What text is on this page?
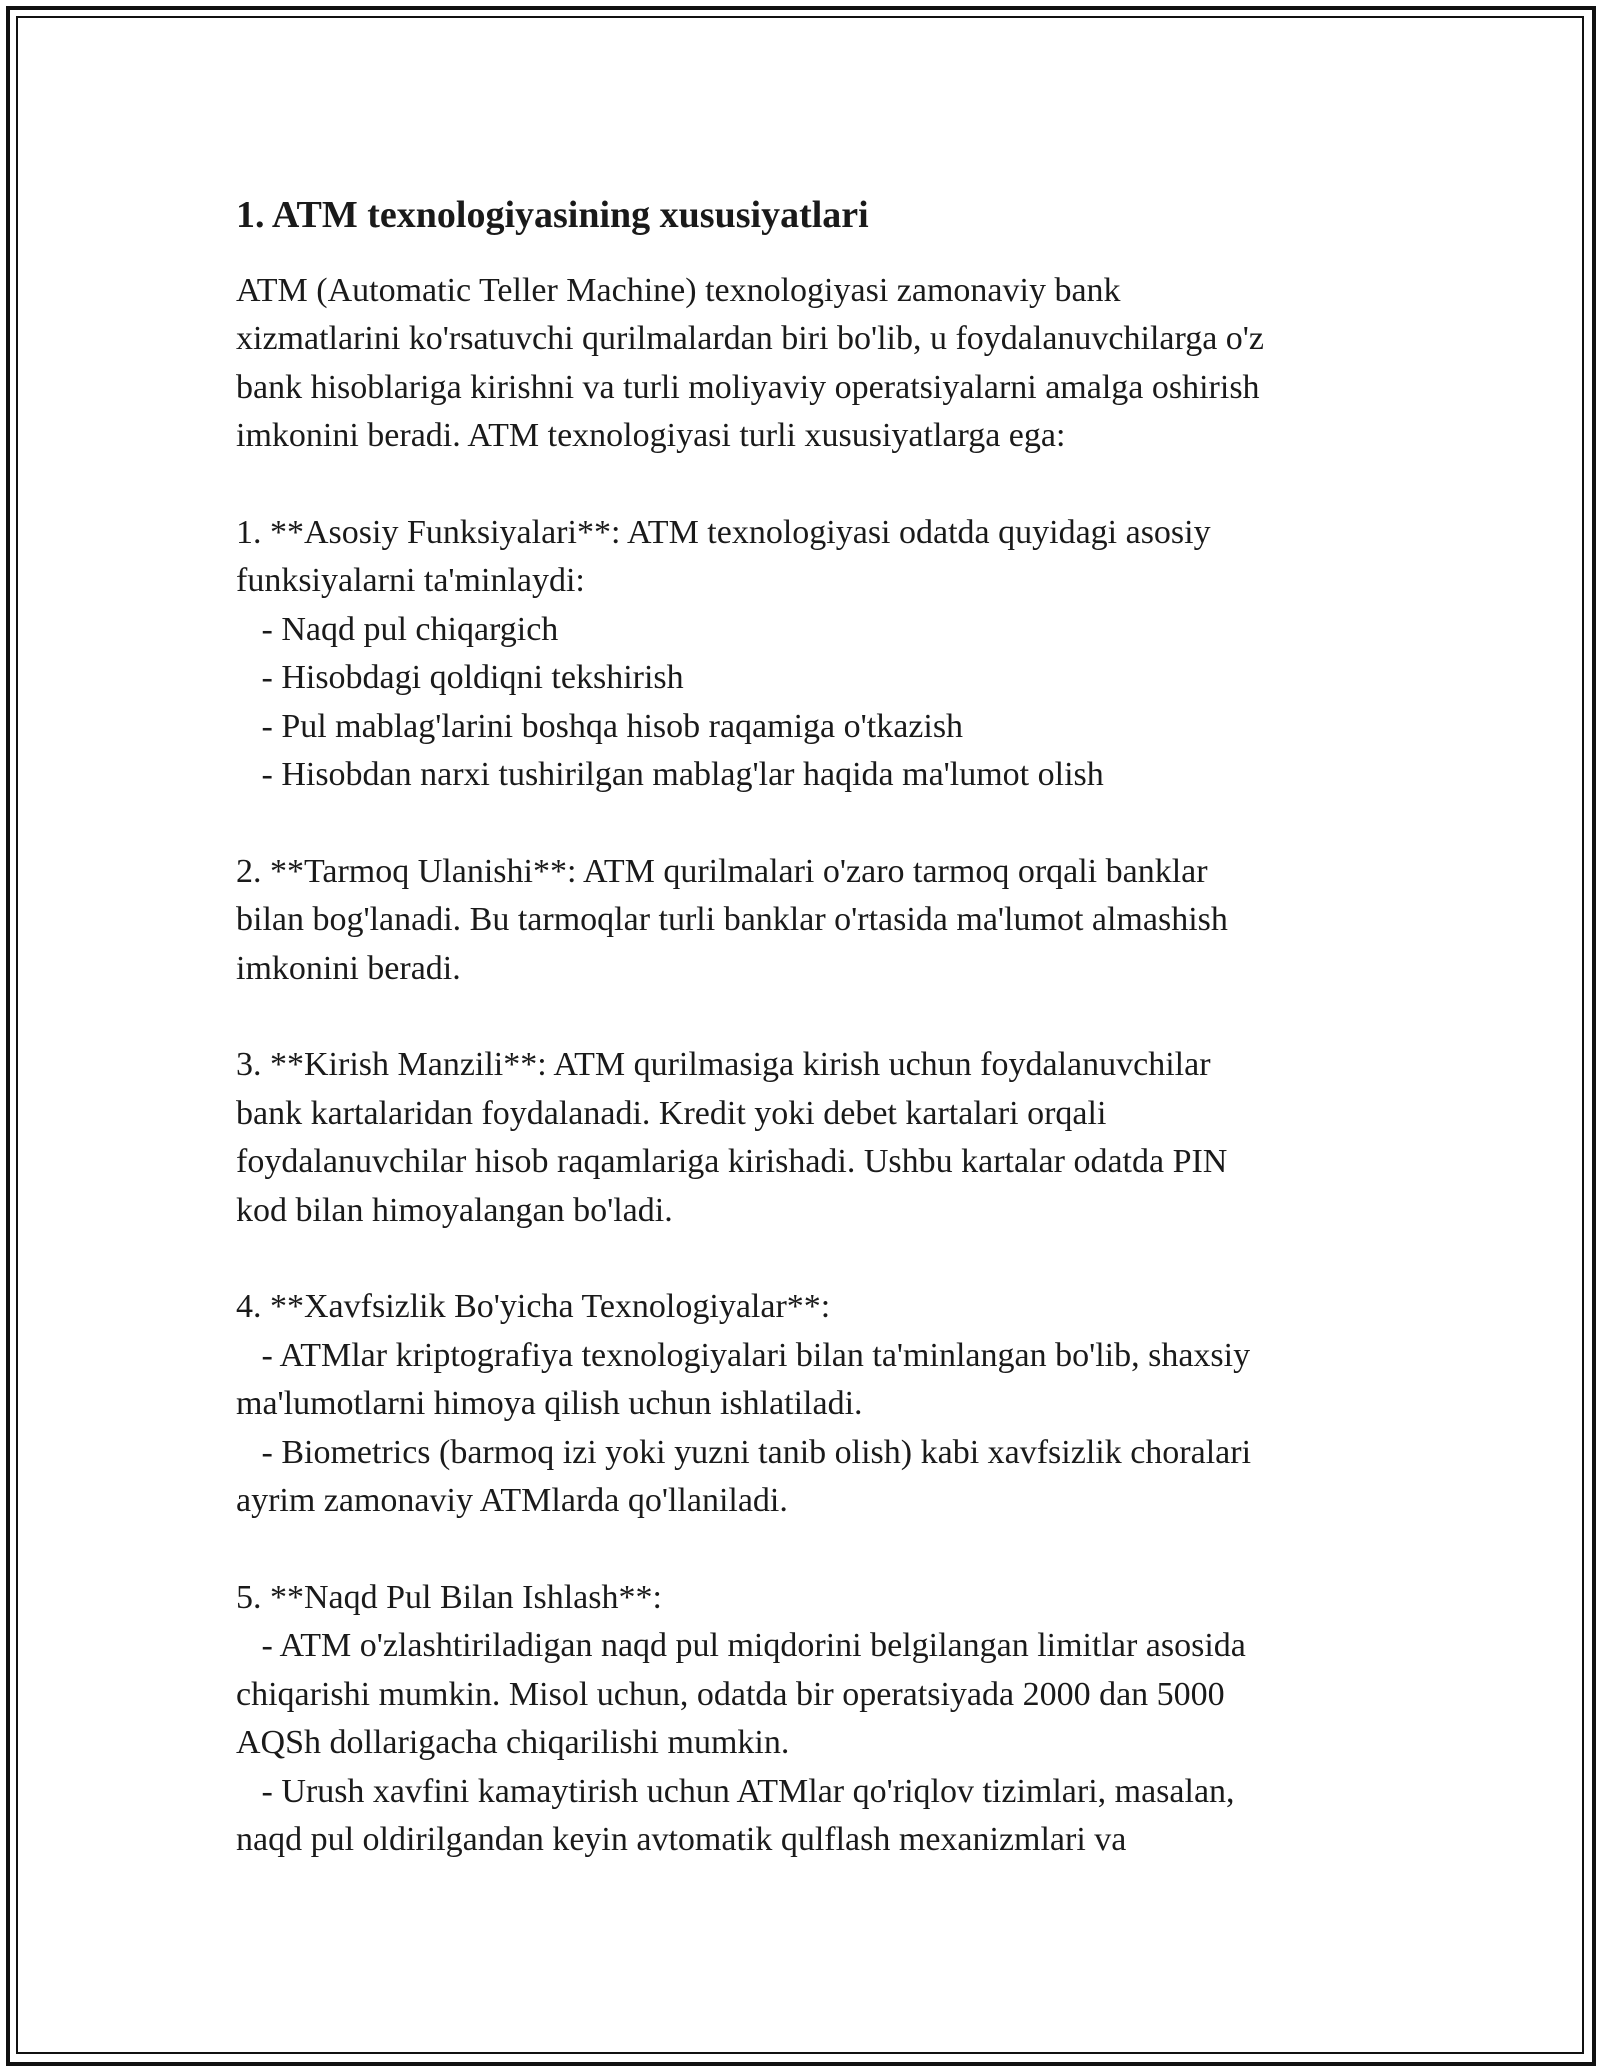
1. ATM texnologiyasining xususiyatlari
ATM (Automatic Teller Machine) texnologiyasi zamonaviy bank
xizmatlarini ko'rsatuvchi qurilmalardan biri bo'lib, u foydalanuvchilarga o'z
bank hisoblariga kirishni va turli moliyaviy operatsiyalarni amalga oshirish
imkonini beradi. ATM texnologiyasi turli xususiyatlarga ega:
1. **Asosiy Funksiyalari**: ATM texnologiyasi odatda quyidagi asosiy
funksiyalarni ta'minlaydi:
- Naqd pul chiqargich
- Hisobdagi qoldiqni tekshirish
- Pul mablag'larini boshqa hisob raqamiga o'tkazish
- Hisobdan narxi tushirilgan mablag'lar haqida ma'lumot olish
2. **Tarmoq Ulanishi**: ATM qurilmalari o'zaro tarmoq orqali banklar
bilan bog'lanadi. Bu tarmoqlar turli banklar o'rtasida ma'lumot almashish
imkonini beradi.
3. **Kirish Manzili**: ATM qurilmasiga kirish uchun foydalanuvchilar
bank kartalaridan foydalanadi. Kredit yoki debet kartalari orqali
foydalanuvchilar hisob raqamlariga kirishadi. Ushbu kartalar odatda PIN
kod bilan himoyalangan bo'ladi.
4. **Xavfsizlik Bo'yicha Texnologiyalar**:
- ATMlar kriptografiya texnologiyalari bilan ta'minlangan bo'lib, shaxsiy
ma'lumotlarni himoya qilish uchun ishlatiladi.
- Biometrics (barmoq izi yoki yuzni tanib olish) kabi xavfsizlik choralari
ayrim zamonaviy ATMlarda qo'llaniladi.
5. **Naqd Pul Bilan Ishlash**:
- ATM o'zlashtiriladigan naqd pul miqdorini belgilangan limitlar asosida
chiqarishi mumkin. Misol uchun, odatda bir operatsiyada 2000 dan 5000
AQSh dollarigacha chiqarilishi mumkin.
- Urush xavfini kamaytirish uchun ATMlar qo'riqlov tizimlari, masalan,
naqd pul oldirilgandan keyin avtomatik qulflash mexanizmlari va
